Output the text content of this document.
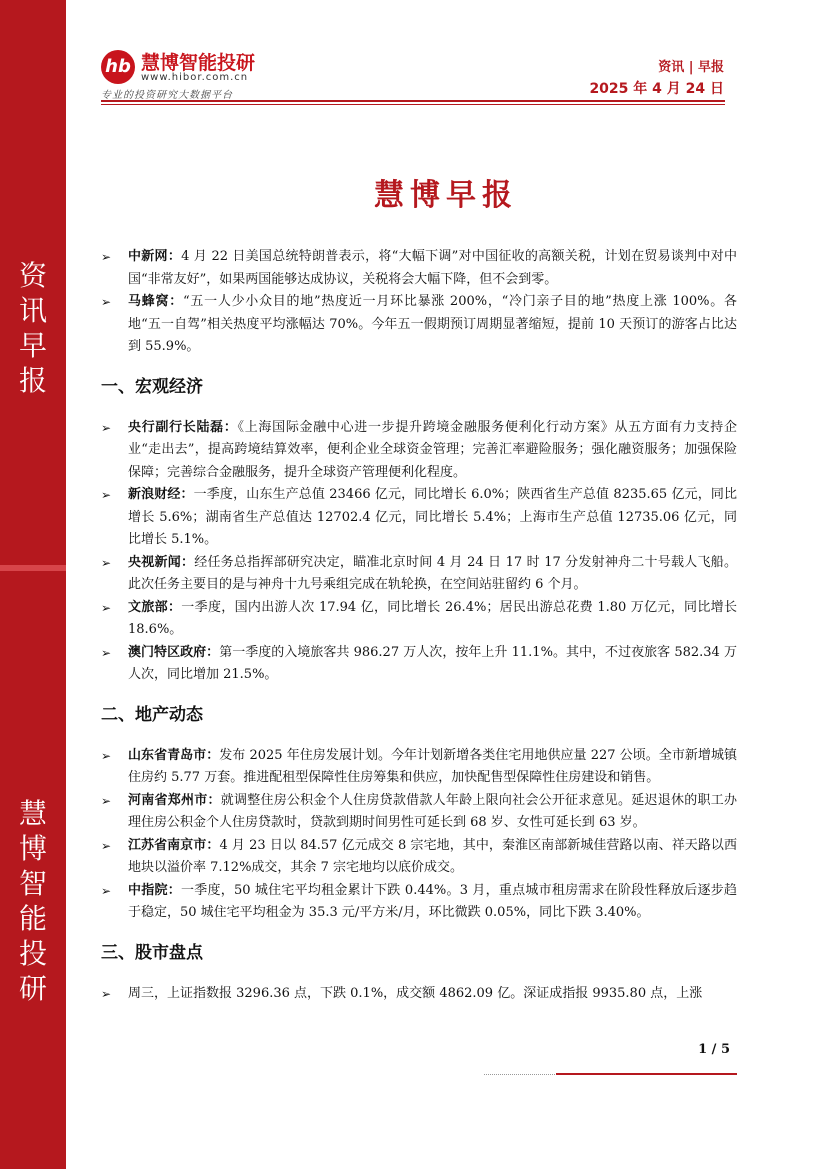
资
讯
早
报
慧
博
智
能
投
研
hb 慧博智能投研
www.hibor.com.cn
专业的投资研究大数据平台
资讯 | 早报
2025 年 4 月 24 日
慧博早报
➢ 中新网：4 月 22 日美国总统特朗普表示，将“大幅下调”对中国征收的高额关税，计划在贸易谈判中对中国“非常友好”，如果两国能够达成协议，关税将会大幅下降，但不会到零。
➢ 马蜂窝：“五一人少小众目的地”热度近一月环比暴涨 200%，“冷门亲子目的地”热度上涨 100%。各地“五一自驾”相关热度平均涨幅达 70%。今年五一假期预订周期显著缩短，提前 10 天预订的游客占比达到 55.9%。
一、宏观经济
➢ 央行副行长陆磊：《上海国际金融中心进一步提升跨境金融服务便利化行动方案》从五方面有力支持企业“走出去”，提高跨境结算效率，便利企业全球资金管理；完善汇率避险服务；强化融资服务；加强保险保障；完善综合金融服务，提升全球资产管理便利化程度。
➢ 新浪财经：一季度，山东生产总值 23466 亿元，同比增长 6.0%；陕西省生产总值 8235.65 亿元，同比增长 5.6%；湖南省生产总值达 12702.4 亿元，同比增长 5.4%；上海市生产总值 12735.06 亿元，同比增长 5.1%。
➢ 央视新闻：经任务总指挥部研究决定，瞄准北京时间 4 月 24 日 17 时 17 分发射神舟二十号载人飞船。此次任务主要目的是与神舟十九号乘组完成在轨轮换，在空间站驻留约 6 个月。
➢ 文旅部：一季度，国内出游人次 17.94 亿，同比增长 26.4%；居民出游总花费 1.80 万亿元，同比增长 18.6%。
➢ 澳门特区政府：第一季度的入境旅客共 986.27 万人次，按年上升 11.1%。其中，不过夜旅客 582.34 万人次，同比增加 21.5%。
二、地产动态
➢ 山东省青岛市：发布 2025 年住房发展计划。今年计划新增各类住宅用地供应量 227 公顷。全市新增城镇住房约 5.77 万套。推进配租型保障性住房筹集和供应，加快配售型保障性住房建设和销售。
➢ 河南省郑州市：就调整住房公积金个人住房贷款借款人年龄上限向社会公开征求意见。延迟退休的职工办理住房公积金个人住房贷款时，贷款到期时间男性可延长到 68 岁、女性可延长到 63 岁。
➢ 江苏省南京市：4 月 23 日以 84.57 亿元成交 8 宗宅地，其中，秦淮区南部新城佳营路以南、祥天路以西地块以溢价率 7.12%成交，其余 7 宗宅地均以底价成交。
➢ 中指院：一季度，50 城住宅平均租金累计下跌 0.44%。3 月，重点城市租房需求在阶段性释放后逐步趋于稳定，50 城住宅平均租金为 35.3 元/平方米/月，环比微跌 0.05%，同比下跌 3.40%。
三、股市盘点
➢ 周三，上证指数报 3296.36 点，下跌 0.1%，成交额 4862.09 亿。深证成指报 9935.80 点，上涨
1 / 5
